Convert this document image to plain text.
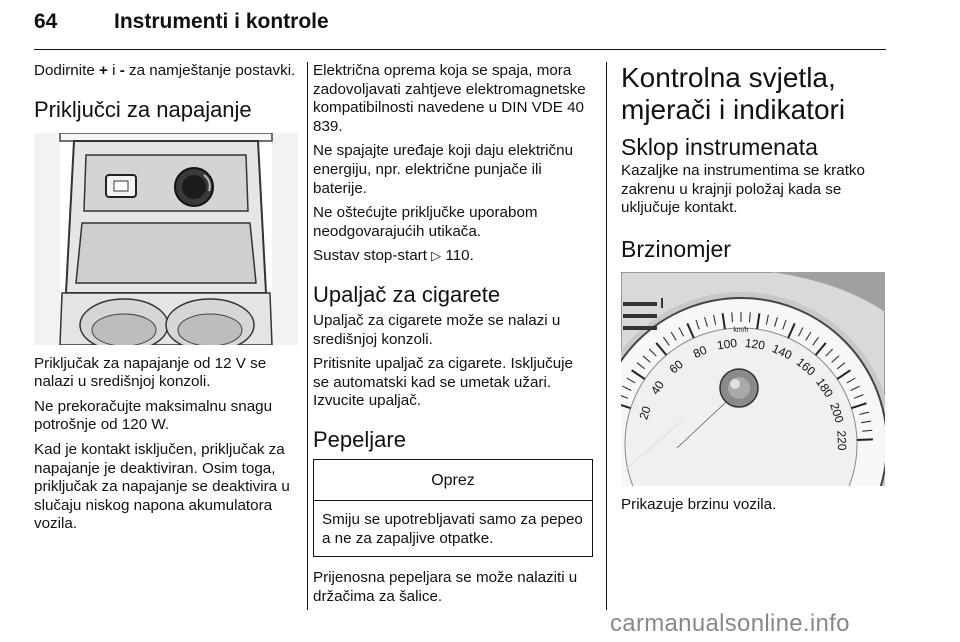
64	Instrumenti i kontrole

Dodirnite + i - za namještanje postavki.

Priključci za napajanje

Priključak za napajanje od 12 V se nalazi u središnjoj konzoli.

Ne prekoračujte maksimalnu snagu potrošnje od 120 W.

Kad je kontakt isključen, priključak za napajanje je deaktiviran. Osim toga, priključak za napajanje se deaktivira u slučaju niskog napona akumulatora vozila.

Električna oprema koja se spaja, mora zadovoljavati zahtjeve elektromagnetske kompatibilnosti navedene u DIN VDE 40 839.

Ne spajajte uređaje koji daju električnu energiju, npr. električne punjače ili baterije.

Ne oštećujte priključke uporabom neodgovarajućih utikača.

Sustav stop-start ▷ 110.

Upaljač za cigarete

Upaljač za cigarete može se nalazi u središnjoj konzoli.

Pritisnite upaljač za cigarete. Isključuje se automatski kad se umetak užari. Izvucite upaljač.

Pepeljare
Oprez
Smiju se upotrebljavati samo za pepeo a ne za zapaljive otpatke.

Prijenosna pepeljara se može nalaziti u držačima za šalice.

Kontrolna svjetla, mjerači i indikatori
Sklop instrumenata

Kazaljke na instrumentima se kratko zakrenu u krajnji položaj kada se uključuje kontakt.

Brzinomjer
20
40
60
80 100 120 140
160
180
200
220
km/h

Prikazuje brzinu vozila.

carmanualsonline.info
